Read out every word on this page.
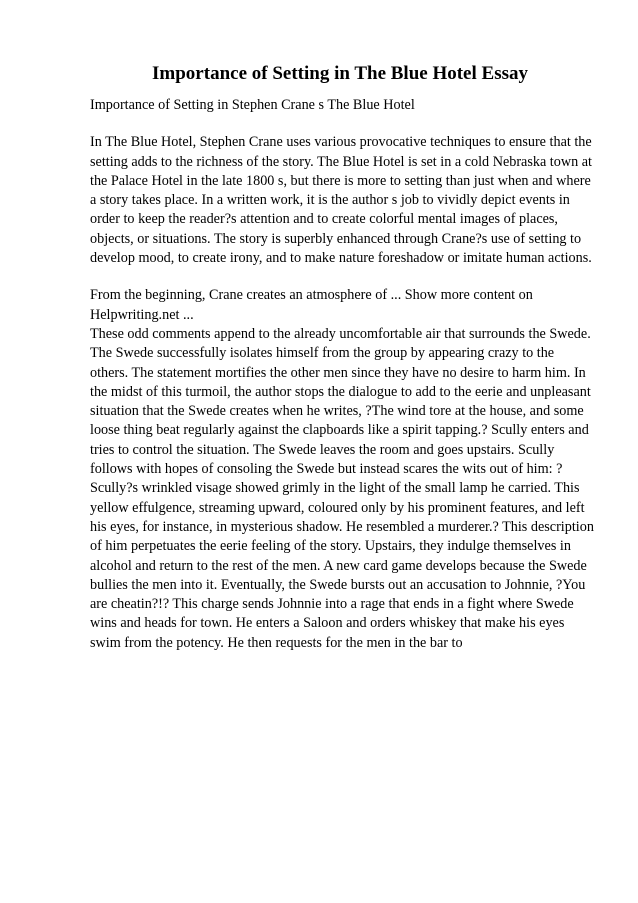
Importance of Setting in The Blue Hotel Essay

Importance of Setting in Stephen Crane s The Blue Hotel

In The Blue Hotel, Stephen Crane uses various provocative techniques to ensure that the setting adds to the richness of the story. The Blue Hotel is set in a cold Nebraska town at the Palace Hotel in the late 1800 s, but there is more to setting than just when and where a story takes place. In a written work, it is the author s job to vividly depict events in order to keep the reader?s attention and to create colorful mental images of places, objects, or situations. The story is superbly enhanced through Crane?s use of setting to develop mood, to create irony, and to make nature foreshadow or imitate human actions.

From the beginning, Crane creates an atmosphere of ... Show more content on Helpwriting.net ...

These odd comments append to the already uncomfortable air that surrounds the Swede. The Swede successfully isolates himself from the group by appearing crazy to the others. The statement mortifies the other men since they have no desire to harm him. In the midst of this turmoil, the author stops the dialogue to add to the eerie and unpleasant situation that the Swede creates when he writes, ?The wind tore at the house, and some loose thing beat regularly against the clapboards like a spirit tapping.? Scully enters and tries to control the situation. The Swede leaves the room and goes upstairs. Scully follows with hopes of consoling the Swede but instead scares the wits out of him: ?Scully?s wrinkled visage showed grimly in the light of the small lamp he carried. This yellow effulgence, streaming upward, coloured only by his prominent features, and left his eyes, for instance, in mysterious shadow. He resembled a murderer.? This description of him perpetuates the eerie feeling of the story. Upstairs, they indulge themselves in alcohol and return to the rest of the men. A new card game develops because the Swede bullies the men into it. Eventually, the Swede bursts out an accusation to Johnnie, ?You are cheatin?!? This charge sends Johnnie into a rage that ends in a fight where Swede wins and heads for town. He enters a Saloon and orders whiskey that make his eyes swim from the potency. He then requests for the men in the bar to
